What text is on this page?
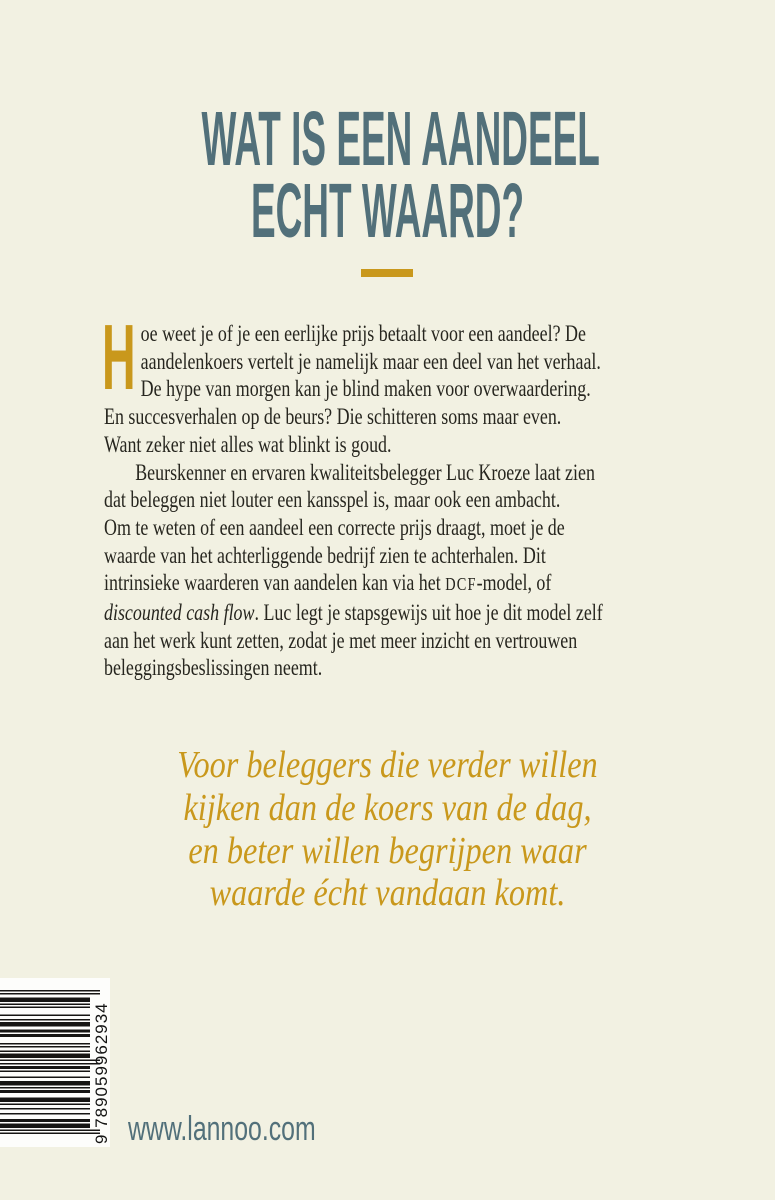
WAT IS EEN AANDEEL
ECHT WAARD?
H oe weet je of je een eerlijke prijs betaalt voor een aandeel? De
aandelenkoers vertelt je namelijk maar een deel van het verhaal.
De hype van morgen kan je blind maken voor overwaardering.
En succesverhalen op de beurs? Die schitteren soms maar even.
Want zeker niet alles wat blinkt is goud.
Beurskenner en ervaren kwaliteitsbelegger Luc Kroeze laat zien
dat beleggen niet louter een kansspel is, maar ook een ambacht.
Om te weten of een aandeel een correcte prijs draagt, moet je de
waarde van het achterliggende bedrijf zien te achterhalen. Dit
intrinsieke waarderen van aandelen kan via het DCF-model, of
discounted cash flow. Luc legt je stapsgewijs uit hoe je dit model zelf
aan het werk kunt zetten, zodat je met meer inzicht en vertrouwen
beleggingsbeslissingen neemt.
Voor beleggers die verder willen
kijken dan de koers van de dag,
en beter willen begrijpen waar
waarde écht vandaan komt.
9 789059962934 www.lannoo.com
